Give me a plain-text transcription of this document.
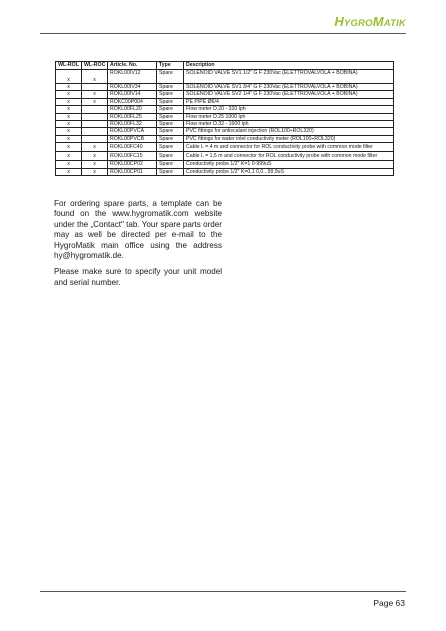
HYGROMATIK
WL-ROL	WL-ROC	Article. No.	Type	Description
x	x	ROKL00IV12	Spare	SOLENOID VALVE SV1 1/2" G F 230Vac (ELETTROVALVOLA + BOBINA)
x		ROKL00IV34	Spare	SOLENOID VALVE SV1 3/4" G F 230Vac (ELETTROVALVOLA + BOBINA)
x	x	ROKL00IV14	Spare	SOLENOID VALVE SV2 1/4" G F 230Vac (ELETTROVALVOLA + BOBINA)
x	x	ROKC00P004	Spare	PE PIPE Ø6/4
x		ROKL00FL20	Spare	Flow meter D.20 - 320 lph
x		ROKL00FL25	Spare	Flow meter D.25 1000 lph
x		ROKL00FL32	Spare	Flow meter D.32 - 1600 lph
x		ROKL00PVCA	Spare	PVC fittings for antiscalant injection (ROL100÷ROL320)
x		ROKL00PVCB	Spare	PVC fittings for water inlet conductivity meter (ROL100÷ROL320)
x	x	ROKL00FC40	Spare	Cable L = 4 m and connector for ROL conductivity probe with common mode filter
x	x	ROKL00FC15	Spare	Cable L = 1,5 m and connector for ROL conductivity probe with common mode filter
x	x	ROKL00CP02	Spare	Conductivity probe 1/2" K=1 0-999uS
x	x	ROKL00CP01	Spare	Conductivity probe 1/2" K=0,1 0,0...99,9uS

For ordering spare parts, a template can be found on the www.hygromatik.com website under the „Contact" tab. Your spare parts order may as well be directed per e-mail to the HygroMatik main office using the address hy@hygromatik.de.

Please make sure to specify your unit model and serial number.

Page 63
